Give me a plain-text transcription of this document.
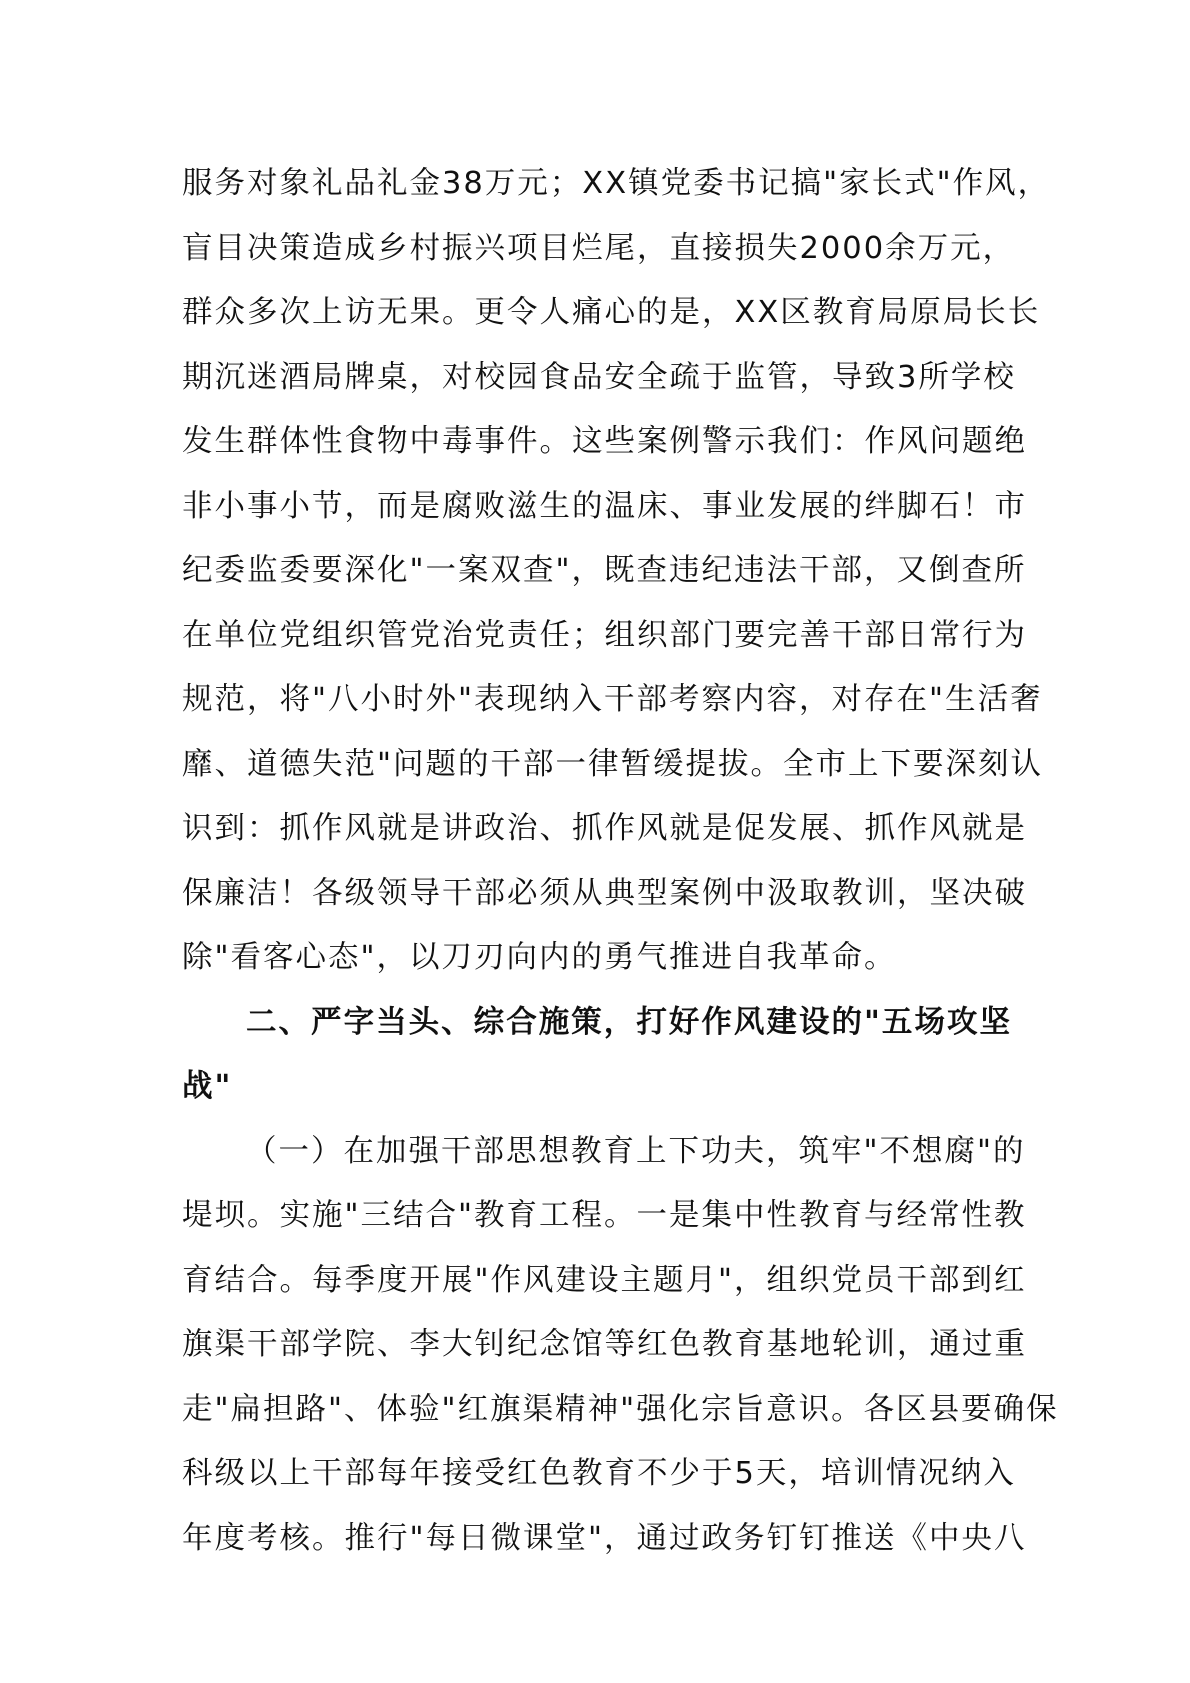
服务对象礼品礼金38万元；XX镇党委书记搞"家长式"作风，
盲目决策造成乡村振兴项目烂尾，直接损失2000余万元，
群众多次上访无果。更令人痛心的是，XX区教育局原局长长
期沉迷酒局牌桌，对校园食品安全疏于监管，导致3所学校
发生群体性食物中毒事件。这些案例警示我们：作风问题绝
非小事小节，而是腐败滋生的温床、事业发展的绊脚石！市
纪委监委要深化"一案双查"，既查违纪违法干部，又倒查所
在单位党组织管党治党责任；组织部门要完善干部日常行为
规范，将"八小时外"表现纳入干部考察内容，对存在"生活奢
靡、道德失范"问题的干部一律暂缓提拔。全市上下要深刻认
识到：抓作风就是讲政治、抓作风就是促发展、抓作风就是
保廉洁！各级领导干部必须从典型案例中汲取教训，坚决破
除"看客心态"，以刀刃向内的勇气推进自我革命。
二、严字当头、综合施策，打好作风建设的"五场攻坚
战"
（一）在加强干部思想教育上下功夫，筑牢"不想腐"的
堤坝。实施"三结合"教育工程。一是集中性教育与经常性教
育结合。每季度开展"作风建设主题月"，组织党员干部到红
旗渠干部学院、李大钊纪念馆等红色教育基地轮训，通过重
走"扁担路"、体验"红旗渠精神"强化宗旨意识。各区县要确保
科级以上干部每年接受红色教育不少于5天，培训情况纳入
年度考核。推行"每日微课堂"，通过政务钉钉推送《中央八
